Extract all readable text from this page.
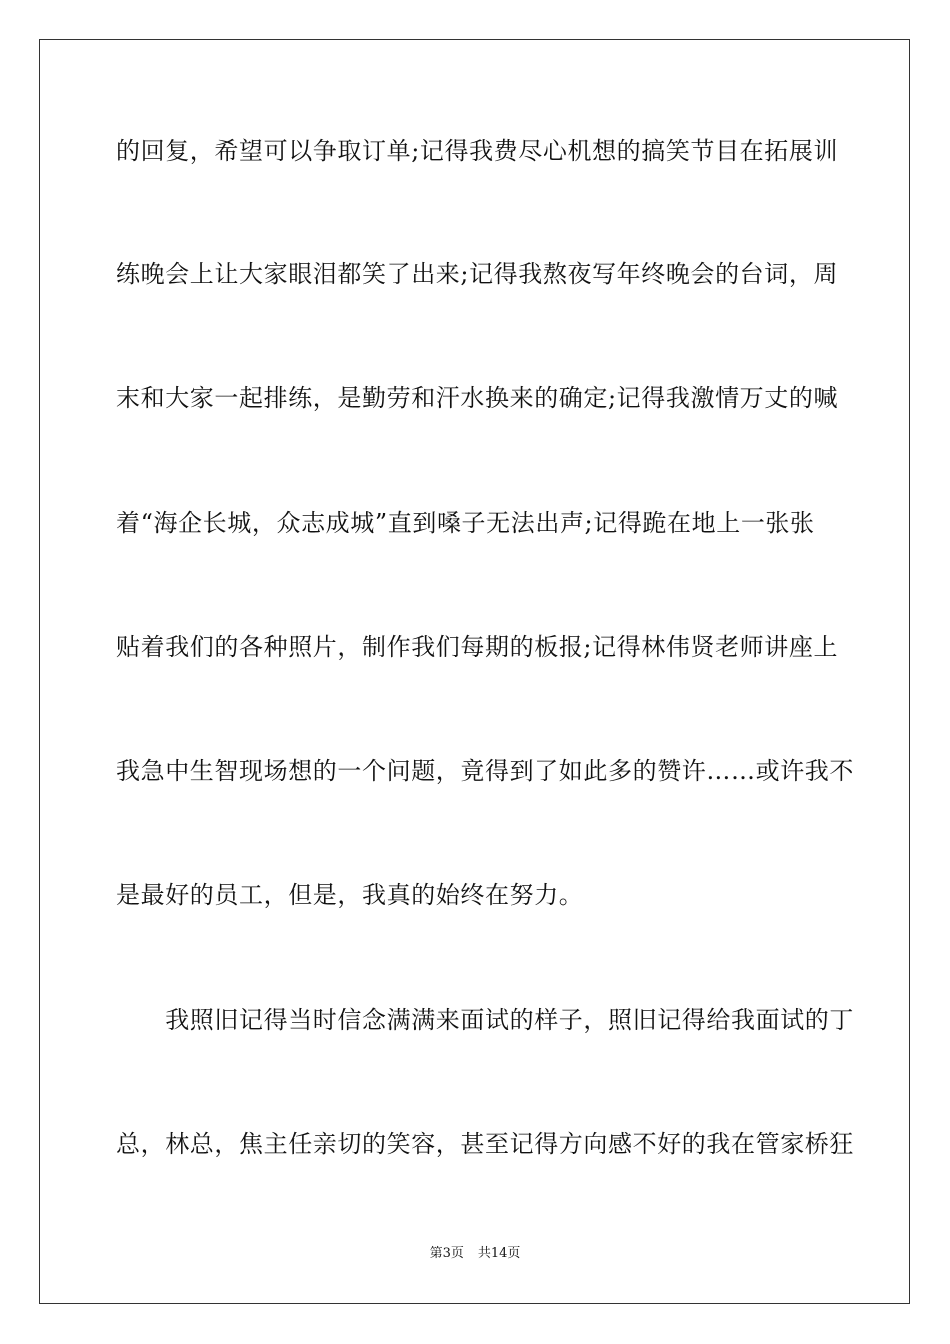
的回复，希望可以争取订单;记得我费尽心机想的搞笑节目在拓展训
练晚会上让大家眼泪都笑了出来;记得我熬夜写年终晚会的台词，周
末和大家一起排练，是勤劳和汗水换来的确定;记得我激情万丈的喊
着“海企长城，众志成城”直到嗓子无法出声;记得跪在地上一张张
贴着我们的各种照片，制作我们每期的板报;记得林伟贤老师讲座上
我急中生智现场想的一个问题，竟得到了如此多的赞许……或许我不
是最好的员工，但是，我真的始终在努力。
　　我照旧记得当时信念满满来面试的样子，照旧记得给我面试的丁
总，林总，焦主任亲切的笑容，甚至记得方向感不好的我在管家桥狂
第3页 共14页
